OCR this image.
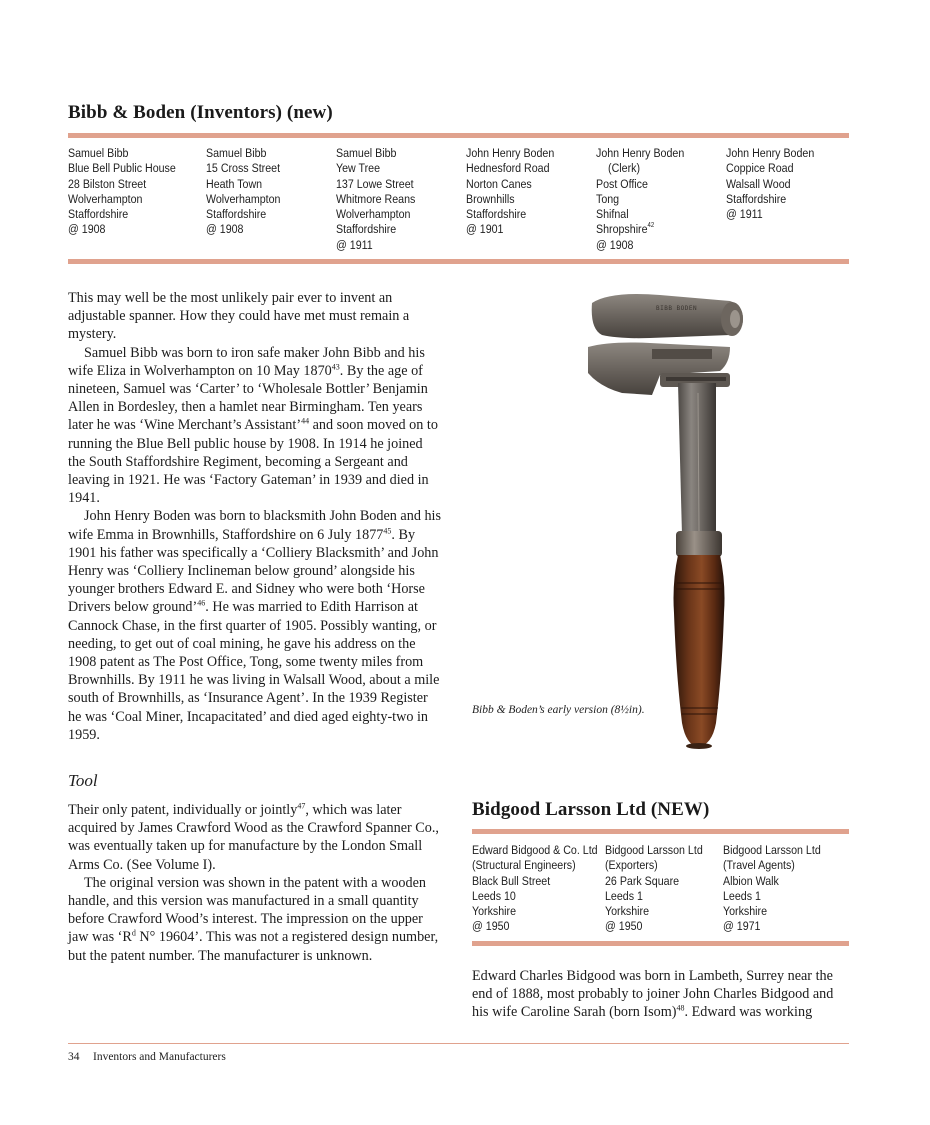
Bibb & Boden (Inventors) (new)
Samuel Bibb
Blue Bell Public House
28 Bilston Street
Wolverhampton
Staffordshire
@ 1908
Samuel Bibb
15 Cross Street
Heath Town
Wolverhampton
Staffordshire
@ 1908
Samuel Bibb
Yew Tree
137 Lowe Street
Whitmore Reans
Wolverhampton
Staffordshire
@ 1911
John Henry Boden
Hednesford Road
Norton Canes
Brownhills
Staffordshire
@ 1901
John Henry Boden
(Clerk)
Post Office
Tong
Shifnal
Shropshire$^{42}$
@ 1908
John Henry Boden
Coppice Road
Walsall Wood
Staffordshire
@ 1911

This may well be the most unlikely pair ever to invent an adjustable spanner. How they could have met must remain a mystery.

Samuel Bibb was born to iron safe maker John Bibb and his wife Eliza in Wolverhampton on 10 May 1870$^{43}$. By the age of nineteen, Samuel was ‘Carter’ to ‘Wholesale Bottler’ Benjamin Allen in Bordesley, then a hamlet near Birmingham. Ten years later he was ‘Wine Merchant’s Assistant’$^{44}$ and soon moved on to running the Blue Bell public house by 1908. In 1914 he joined the South Staffordshire Regiment, becoming a Sergeant and leaving in 1921. He was ‘Factory Gateman’ in 1939 and died in 1941.

John Henry Boden was born to blacksmith John Boden and his wife Emma in Brownhills, Staffordshire on 6 July 1877$^{45}$. By 1901 his father was specifically a ‘Colliery Blacksmith’ and John Henry was ‘Colliery Inclineman below ground’ alongside his younger brothers Edward E. and Sidney who were both ‘Horse Drivers below ground’$^{46}$. He was married to Edith Harrison at Cannock Chase, in the first quarter of 1905. Possibly wanting, or needing, to get out of coal mining, he gave his address on the 1908 patent as The Post Office, Tong, some twenty miles from Brownhills. By 1911 he was living in Walsall Wood, about a mile south of Brownhills, as ‘Insurance Agent’. In the 1939 Register he was ‘Coal Miner, Incapacitated’ and died aged eighty-two in 1959.

Tool

Their only patent, individually or jointly$^{47}$, which was later acquired by James Crawford Wood as the Crawford Spanner Co., was eventually taken up for manufacture by the London Small Arms Co. (See Volume I).

The original version was shown in the patent with a wooden handle, and this version was manufactured in a small quantity before Crawford Wood’s interest. The impression on the upper jaw was ‘$R^d$ N° 19604’. This was not a registered design number, but the patent number. The manufacturer is unknown.

BIBB BODEN
Bibb & Boden’s early version (8½in).
Bidgood Larsson Ltd (NEW)
Edward Bidgood & Co. Ltd
(Structural Engineers)
Black Bull Street
Leeds 10
Yorkshire
@ 1950
Bidgood Larsson Ltd
(Exporters)
26 Park Square
Leeds 1
Yorkshire
@ 1950
Bidgood Larsson Ltd
(Travel Agents)
Albion Walk
Leeds 1
Yorkshire
@ 1971

Edward Charles Bidgood was born in Lambeth, Surrey near the end of 1888, most probably to joiner John Charles Bidgood and his wife Caroline Sarah (born Isom)$^{48}$. Edward was working

34 Inventors and Manufacturers
